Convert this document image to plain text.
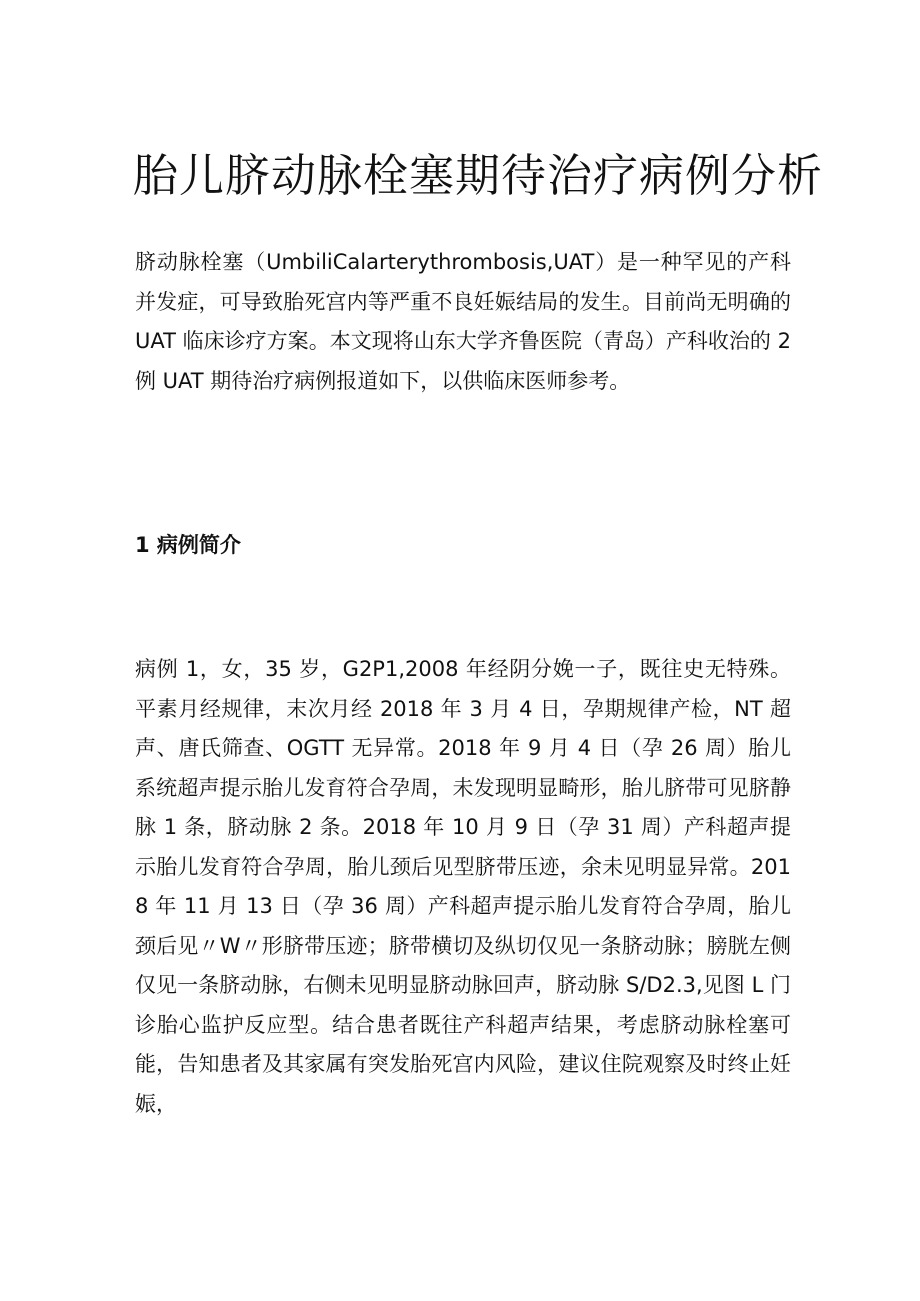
胎儿脐动脉栓塞期待治疗病例分析

脐动脉栓塞（UmbiliCalarterythrombosis,UAT）是一种罕见的产科并发症，可导致胎死宫内等严重不良妊娠结局的发生。目前尚无明确的 UAT 临床诊疗方案。本文现将山东大学齐鲁医院（青岛）产科收治的 2 例 UAT 期待治疗病例报道如下，以供临床医师参考。

1 病例简介

病例 1，女，35 岁，G2P1,2008 年经阴分娩一子，既往史无特殊。平素月经规律，末次月经 2018 年 3 月 4 日，孕期规律产检，NT 超声、唐氏筛查、OGTT 无异常。2018 年 9 月 4 日（孕 26 周）胎儿系统超声提示胎儿发育符合孕周，未发现明显畸形，胎儿脐带可见脐静脉 1 条，脐动脉 2 条。2018 年 10 月 9 日（孕 31 周）产科超声提示胎儿发育符合孕周，胎儿颈后见型脐带压迹，余未见明显异常。2018 年 11 月 13 日（孕 36 周）产科超声提示胎儿发育符合孕周，胎儿颈后见〃W〃形脐带压迹；脐带横切及纵切仅见一条脐动脉；膀胱左侧仅见一条脐动脉，右侧未见明显脐动脉回声，脐动脉 S/D2.3,见图 L 门诊胎心监护反应型。结合患者既往产科超声结果，考虑脐动脉栓塞可能，告知患者及其家属有突发胎死宫内风险，建议住院观察及时终止妊娠，
